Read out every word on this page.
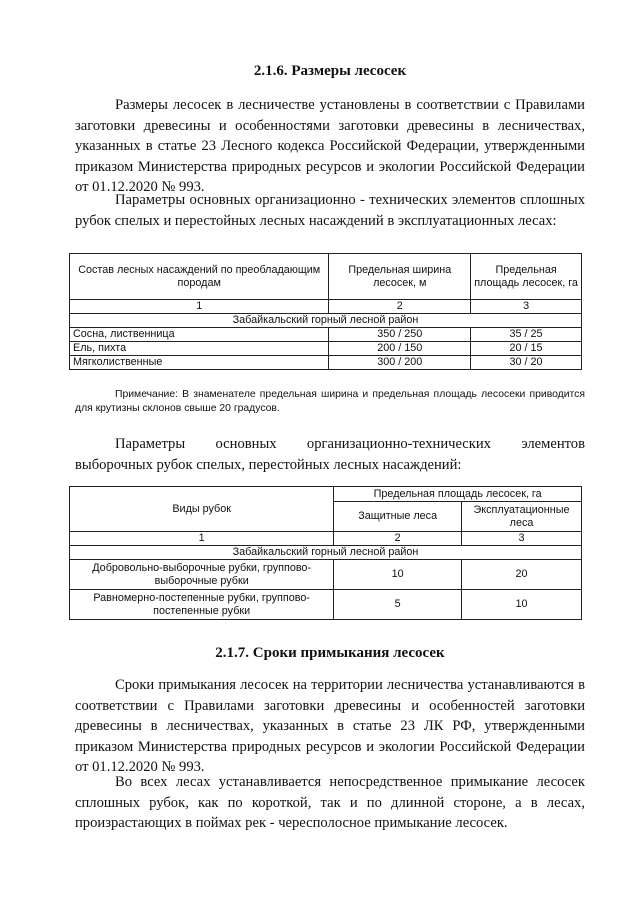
2.1.6. Размеры лесосек

Размеры лесосек в лесничестве установлены в соответствии с Правилами заготовки древесины и особенностями заготовки древесины в лесничествах, указанных в статье 23 Лесного кодекса Российской Федерации, утвержденными приказом Министерства природных ресурсов и экологии Российской Федерации от 01.12.2020 № 993.

Параметры основных организационно - технических элементов сплошных рубок спелых и перестойных лесных насаждений в эксплуатационных лесах:

Примечание: В знаменателе предельная ширина и предельная площадь лесосеки приводится для крутизны склонов свыше 20 градусов.

Параметры основных организационно-технических элементов выборочных рубок спелых, перестойных лесных насаждений:

2.1.7. Сроки примыкания лесосек

Сроки примыкания лесосек на территории лесничества устанавливаются в соответствии с Правилами заготовки древесины и особенностей заготовки древесины в лесничествах, указанных в статье 23 ЛК РФ, утвержденными приказом Министерства природных ресурсов и экологии Российской Федерации от 01.12.2020 № 993.

Во всех лесах устанавливается непосредственное примыкание лесосек сплошных рубок, как по короткой, так и по длинной стороне, а в лесах, произрастающих в поймах рек - чересполосное примыкание лесосек.

Состав лесных насаждений по преобладающим породам	Предельная ширина лесосек, м	Предельная площадь лесосек, га
1	2	3
Забайкальский горный лесной район		
Сосна, лиственница	350 / 250	35 / 25
Ель, пихта	200 / 150	20 / 15
Мягколиственные	300 / 200	30 / 20
Виды рубок	Предельная площадь лесосек, га	
	Защитные леса	Эксплуатационные леса
1	2	3
Забайкальский горный лесной район		
Добровольно-выборочные рубки, группово-выборочные рубки	10	20
Равномерно-постепенные рубки, группово-постепенные рубки	5	10
